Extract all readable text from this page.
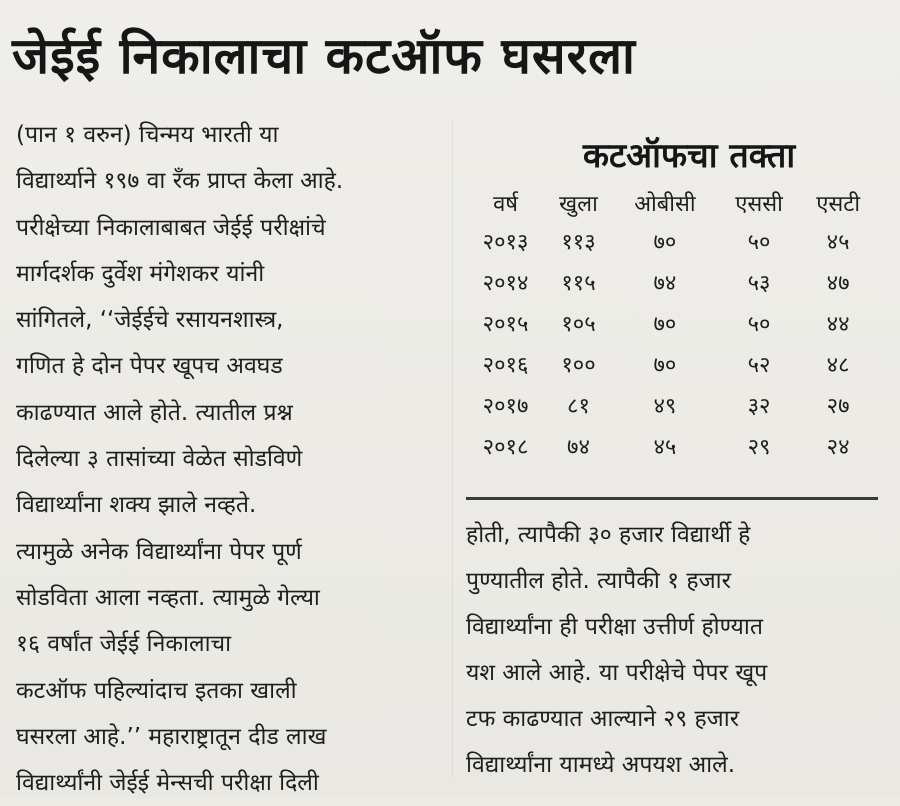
जेईई निकालाचा कटऑफ घसरला
(पान १ वरुन) चिन्मय भारती या
विद्यार्थ्याने १९७ वा रँक प्राप्त केला आहे.
परीक्षेच्या निकालाबाबत जेईई परीक्षांचे
मार्गदर्शक दुर्वेश मंगेशकर यांनी
सांगितले, ‘‘जेईईचे रसायनशास्त्र,
गणित हे दोन पेपर खूपच अवघड
काढण्यात आले होते. त्यातील प्रश्न
दिलेल्या ३ तासांच्या वेळेत सोडविणे
विद्यार्थ्यांना शक्य झाले नव्हते.
त्यामुळे अनेक विद्यार्थ्यांना पेपर पूर्ण
सोडविता आला नव्हता. त्यामुळे गेल्या
१६ वर्षांत जेईई निकालाचा
कटऑफ पहिल्यांदाच इतका खाली
घसरला आहे.’’ महाराष्ट्रातून दीड लाख
विद्यार्थ्यांनी जेईई मेन्सची परीक्षा दिली
कटऑफचा तक्ता
वर्ष	खुला	ओबीसी	एससी	एसटी
२०१३	११३	७०	५०	४५
२०१४	११५	७४	५३	४७
२०१५	१०५	७०	५०	४४
२०१६	१००	७०	५२	४८
२०१७	८१	४९	३२	२७
२०१८	७४	४५	२९	२४
होती, त्यापैकी ३० हजार विद्यार्थी हे
पुण्यातील होते. त्यापैकी १ हजार
विद्यार्थ्यांना ही परीक्षा उत्तीर्ण होण्यात
यश आले आहे. या परीक्षेचे पेपर खूप
टफ काढण्यात आल्याने २९ हजार
विद्यार्थ्यांना यामध्ये अपयश आले.
